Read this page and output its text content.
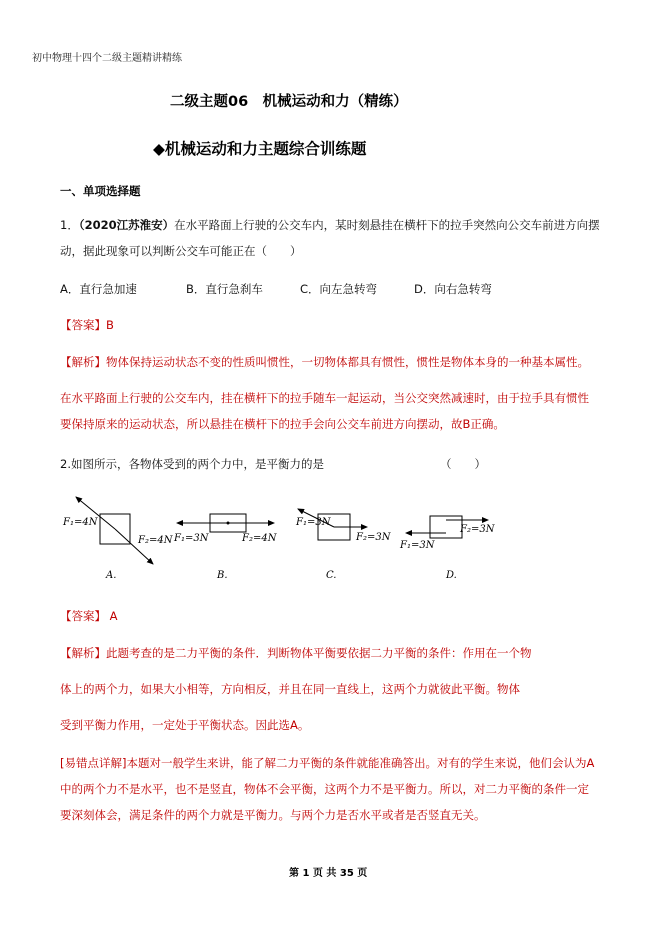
初中物理十四个二级主题精讲精练
二级主题06　机械运动和力（精练）
◆机械运动和力主题综合训练题
一、单项选择题
1．（2020江苏淮安）在水平路面上行驶的公交车内，某时刻悬挂在横杆下的拉手突然向公交车前进方向摆
动，据此现象可以判断公交车可能正在（　　）
A．直行急加速	B．直行急刹车	C．向左急转弯	D．向右急转弯
【答案】B
【解析】物体保持运动状态不变的性质叫惯性，一切物体都具有惯性，惯性是物体本身的一种基本属性。
在水平路面上行驶的公交车内，挂在横杆下的拉手随车一起运动，当公交突然减速时，由于拉手具有惯性
要保持原来的运动状态，所以悬挂在横杆下的拉手会向公交车前进方向摆动，故B正确。
2.如图所示，各物体受到的两个力中，是平衡力的是	（　　）
F₁=4N
F₂=4N
A.
F₁=3N	F₂=4N
B.
F₁=3N
F₂=3N
C.
F₂=3N
F₁=3N
D.
【答案】 A
【解析】此题考查的是二力平衡的条件．判断物体平衡要依据二力平衡的条件：作用在一个物
体上的两个力，如果大小相等，方向相反，并且在同一直线上，这两个力就彼此平衡。物体
受到平衡力作用，一定处于平衡状态。因此选A。
[易错点详解]本题对一般学生来讲，能了解二力平衡的条件就能准确答出。对有的学生来说，他们会认为A
中的两个力不是水平，也不是竖直，物体不会平衡，这两个力不是平衡力。所以，对二力平衡的条件一定
要深刻体会，满足条件的两个力就是平衡力。与两个力是否水平或者是否竖直无关。
第 1 页 共 35 页
